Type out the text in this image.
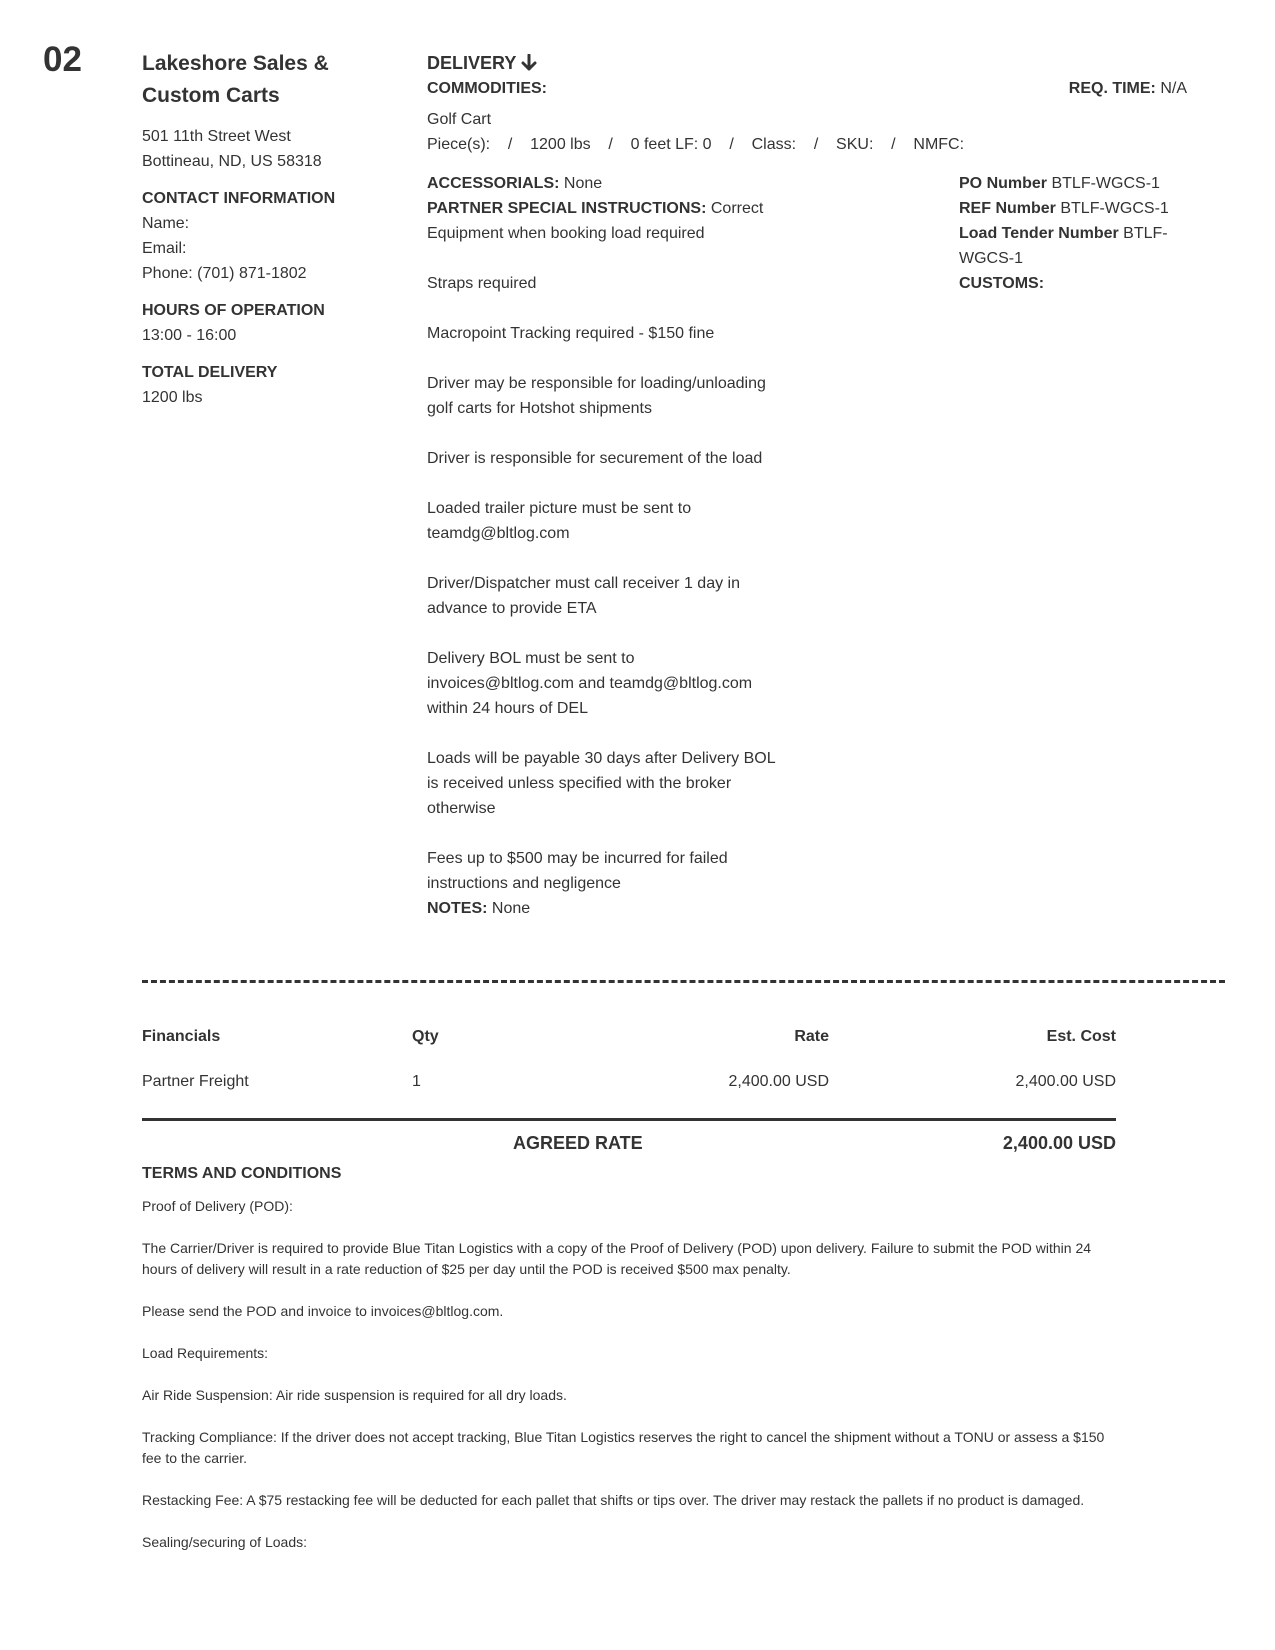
02	Lakeshore Sales &
Custom Carts
501 11th Street West
Bottineau, ND, US 58318
CONTACT INFORMATION
Name:
Email:
Phone: (701) 871-1802
HOURS OF OPERATION
13:00 - 16:00
TOTAL DELIVERY
1200 lbs
DELIVERY
COMMODITIES:	REQ. TIME: N/A
Golf Cart
Piece(s):    /    1200 lbs    /    0 feet LF: 0    /    Class:    /    SKU:    /    NMFC:

ACCESSORIALS: None

PARTNER SPECIAL INSTRUCTIONS: Correct

Equipment when booking load required

Straps required

Macropoint Tracking required - $150 fine

Driver may be responsible for loading/unloading

golf carts for Hotshot shipments

Driver is responsible for securement of the load

Loaded trailer picture must be sent to

teamdg@bltlog.com

Driver/Dispatcher must call receiver 1 day in

advance to provide ETA

Delivery BOL must be sent to

invoices@bltlog.com and teamdg@bltlog.com

within 24 hours of DEL

Loads will be payable 30 days after Delivery BOL

is received unless specified with the broker

otherwise

Fees up to $500 may be incurred for failed

instructions and negligence

NOTES: None

PO Number BTLF-WGCS-1
REF Number BTLF-WGCS-1
Load Tender Number BTLF-
WGCS-1
CUSTOMS:
Financials	Qty	Rate	Est. Cost
Partner Freight	1	2,400.00 USD	2,400.00 USD
AGREED RATE	2,400.00 USD
TERMS AND CONDITIONS

Proof of Delivery (POD):

The Carrier/Driver is required to provide Blue Titan Logistics with a copy of the Proof of Delivery (POD) upon delivery. Failure to submit the POD within 24 hours of delivery will result in a rate reduction of $25 per day until the POD is received $500 max penalty.

Please send the POD and invoice to invoices@bltlog.com.

Load Requirements:

Air Ride Suspension: Air ride suspension is required for all dry loads.

Tracking Compliance: If the driver does not accept tracking, Blue Titan Logistics reserves the right to cancel the shipment without a TONU or assess a $150 fee to the carrier.

Restacking Fee: A $75 restacking fee will be deducted for each pallet that shifts or tips over. The driver may restack the pallets if no product is damaged.

Sealing/securing of Loads:
